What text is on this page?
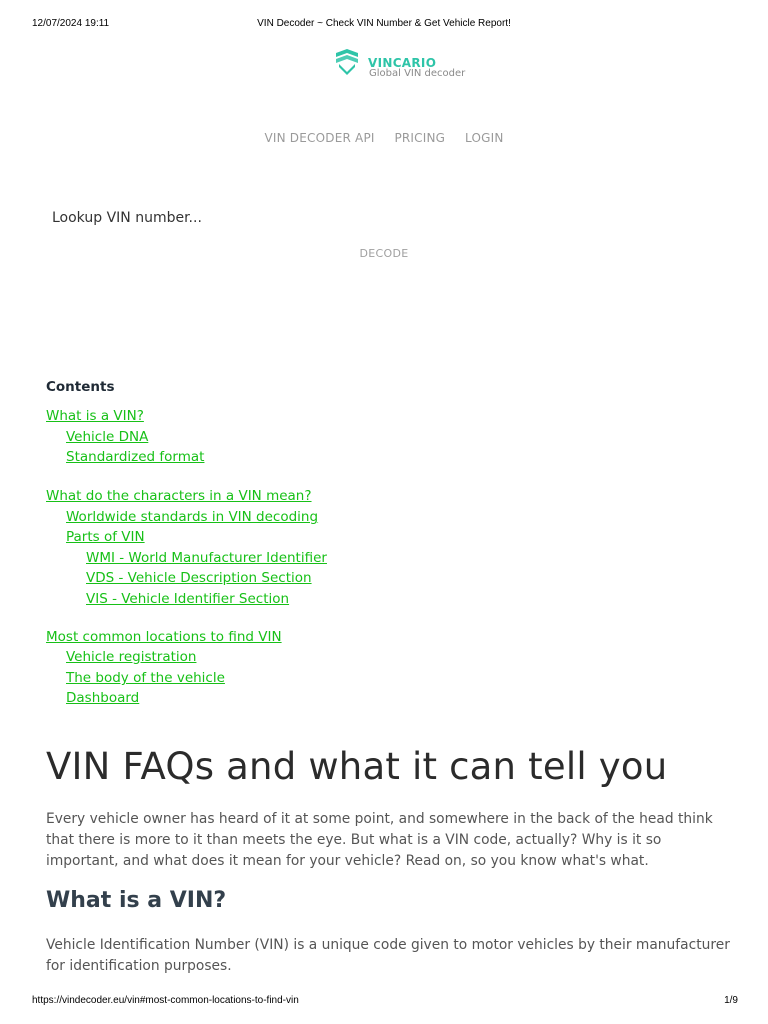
12/07/2024 19:11	VIN Decoder ~ Check VIN Number & Get Vehicle Report!
VINCARIO
Global VIN decoder
VIN DECODER API PRICING LOGIN
Lookup VIN number...
DECODE
Contents
What is a VIN?
Vehicle DNA
Standardized format
What do the characters in a VIN mean?
Worldwide standards in VIN decoding
Parts of VIN
WMI - World Manufacturer Identifier
VDS - Vehicle Description Section
VIS - Vehicle Identifier Section
Most common locations to find VIN
Vehicle registration
The body of the vehicle
Dashboard
VIN FAQs and what it can tell you

Every vehicle owner has heard of it at some point, and somewhere in the back of the head think that there is more to it than meets the eye. But what is a VIN code, actually? Why is it so important, and what does it mean for your vehicle? Read on, so you know what's what.

What is a VIN?

Vehicle Identification Number (VIN) is a unique code given to motor vehicles by their manufacturer for identification purposes.

https://vindecoder.eu/vin#most-common-locations-to-find-vin	1/9
